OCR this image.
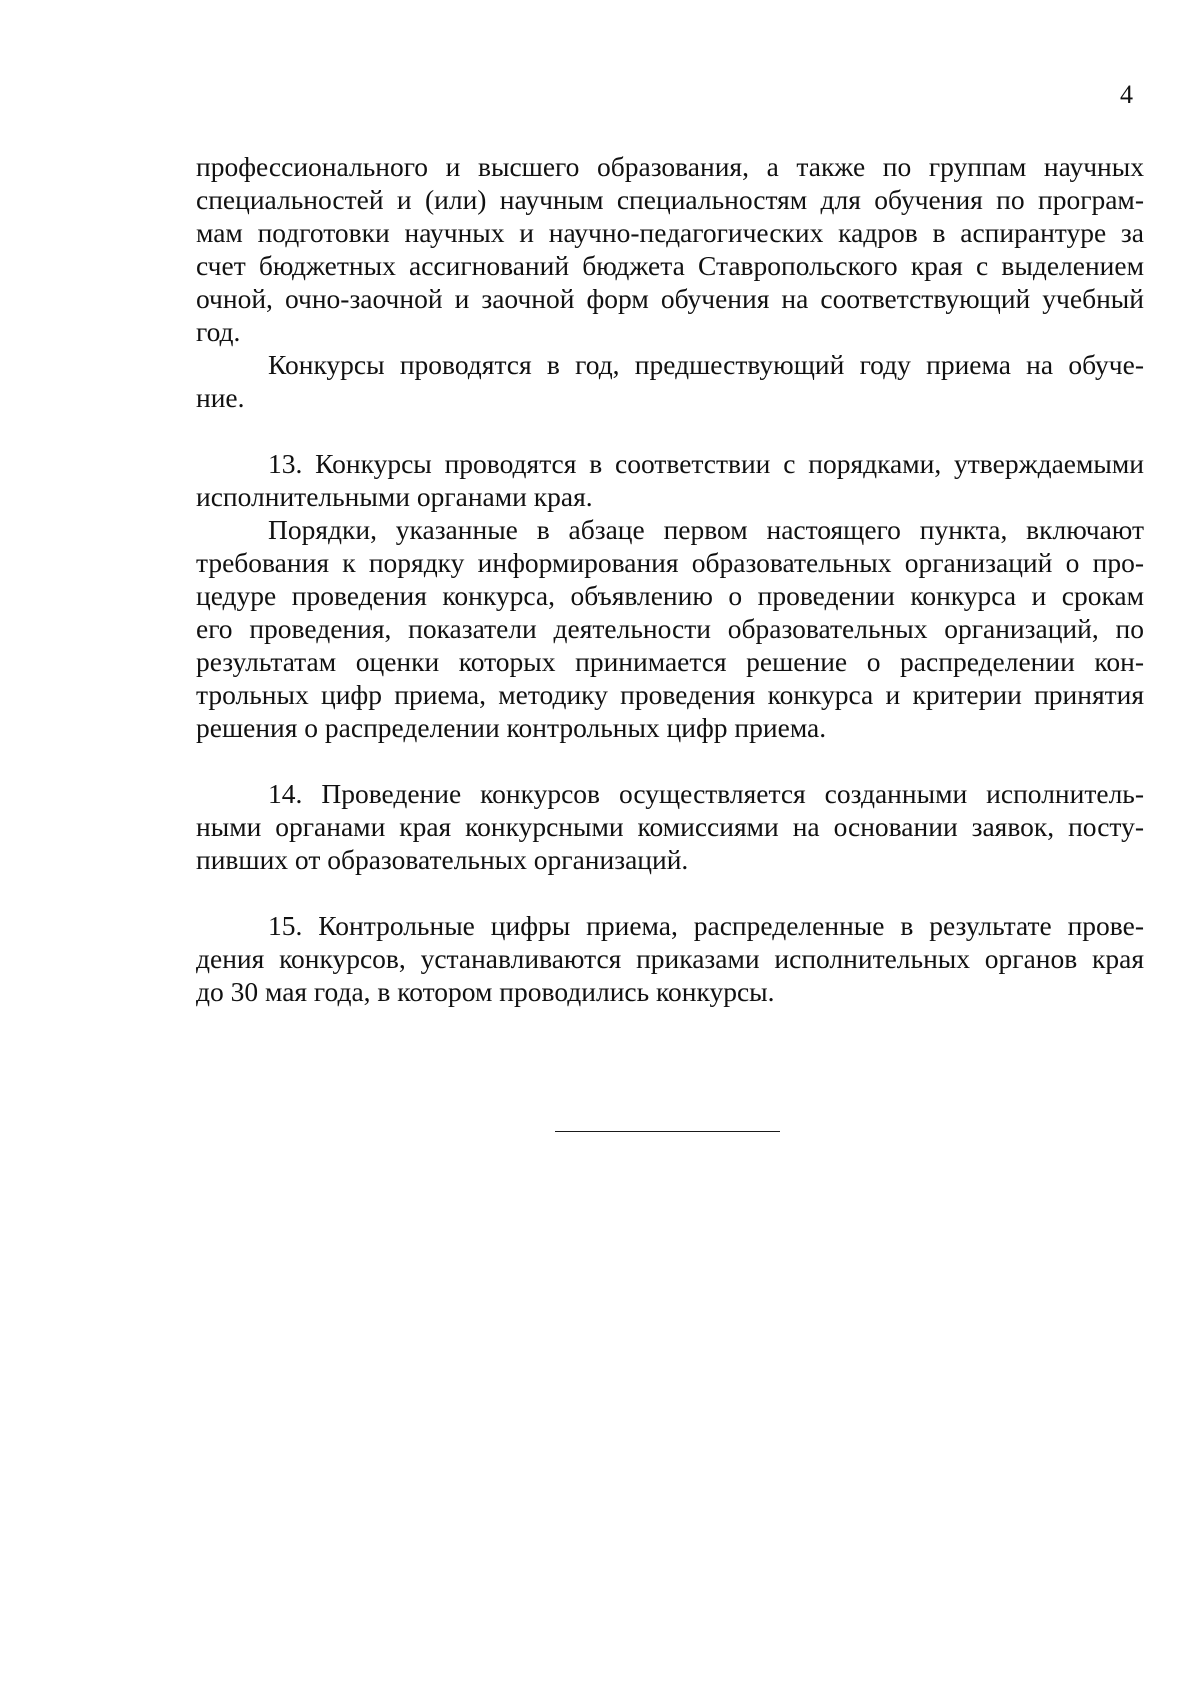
4

профессионального и высшего образования, а также по группам научных
специальностей и (или) научным специальностям для обучения по програм-
мам подготовки научных и научно-педагогических кадров в аспирантуре за
счет бюджетных ассигнований бюджета Ставропольского края с выделением
очной, очно-заочной и заочной форм обучения на соответствующий учебный
год.

Конкурсы проводятся в год, предшествующий году приема на обуче-
ние.

13. Конкурсы проводятся в соответствии с порядками, утверждаемыми
исполнительными органами края.

Порядки, указанные в абзаце первом настоящего пункта, включают
требования к порядку информирования образовательных организаций о про-
цедуре проведения конкурса, объявлению о проведении конкурса и срокам
его проведения, показатели деятельности образовательных организаций, по
результатам оценки которых принимается решение о распределении кон-
трольных цифр приема, методику проведения конкурса и критерии принятия
решения о распределении контрольных цифр приема.

14. Проведение конкурсов осуществляется созданными исполнитель-
ными органами края конкурсными комиссиями на основании заявок, посту-
пивших от образовательных организаций.

15. Контрольные цифры приема, распределенные в результате прове-
дения конкурсов, устанавливаются приказами исполнительных органов края
до 30 мая года, в котором проводились конкурсы.
